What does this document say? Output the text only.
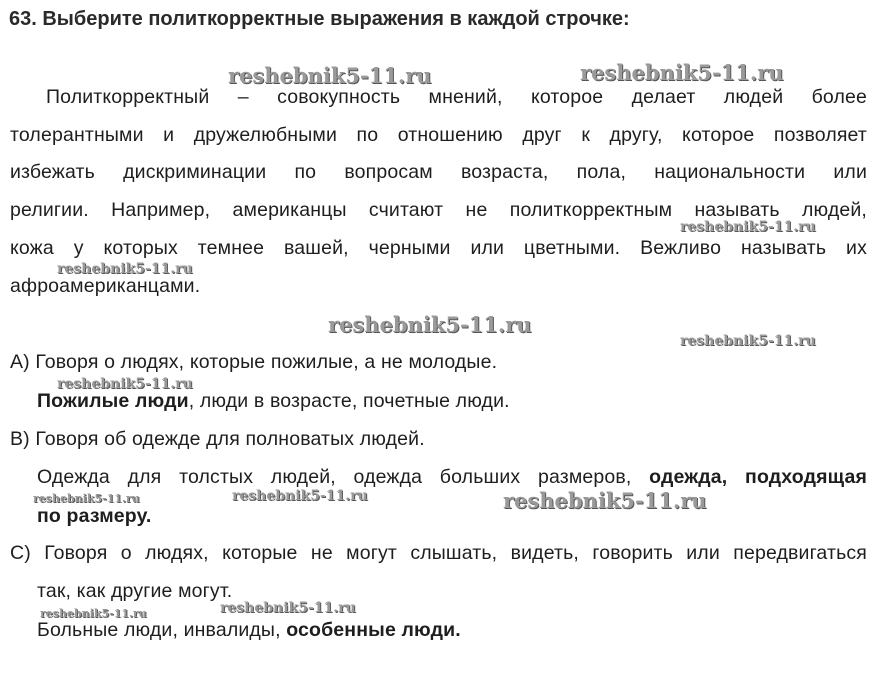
63. Выберите политкорректные выражения в каждой строчке:
Политкорректный – совокупность мнений, которое делает людей более
толерантными и дружелюбными по отношению друг к другу, которое позволяет
избежать дискриминации по вопросам возраста, пола, национальности или
религии. Например, американцы считают не политкорректным называть людей,
кожа у которых темнее вашей, черными или цветными. Вежливо называть их
афроамериканцами.
A) Говоря о людях, которые пожилые, а не молодые.
Пожилые люди, люди в возрасте, почетные люди.
B) Говоря об одежде для полноватых людей.
Одежда для толстых людей, одежда больших размеров, одежда, подходящая
по размеру.
C) Говоря о людях, которые не могут слышать, видеть, говорить или передвигаться
так, как другие могут.
Больные люди, инвалиды, особенные люди.
reshebnik5-11.ru	reshebnik5-11.ru
reshebnik5-11.ru
reshebnik5-11.ru
reshebnik5-11.ru
reshebnik5-11.ru
reshebnik5-11.ru
reshebnik5-11.ru	reshebnik5-11.ru	reshebnik5-11.ru
reshebnik5-11.ru	reshebnik5-11.ru
